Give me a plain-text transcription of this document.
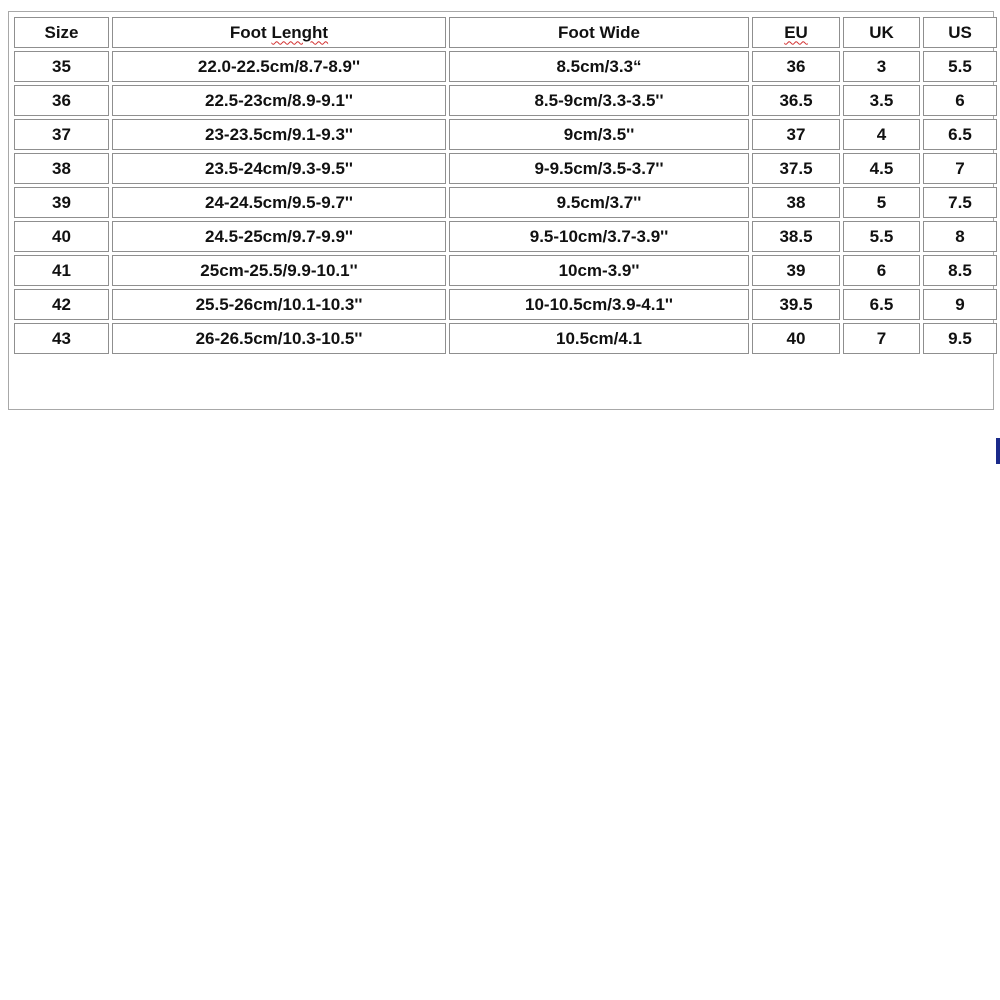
Size	Foot Lenght	Foot Wide	EU	UK	US
35	22.0-22.5cm/8.7-8.9''	8.5cm/3.3“	36	3	5.5
36	22.5-23cm/8.9-9.1''	8.5-9cm/3.3-3.5''	36.5	3.5	6
37	23-23.5cm/9.1-9.3''	9cm/3.5''	37	4	6.5
38	23.5-24cm/9.3-9.5''	9-9.5cm/3.5-3.7''	37.5	4.5	7
39	24-24.5cm/9.5-9.7''	9.5cm/3.7''	38	5	7.5
40	24.5-25cm/9.7-9.9''	9.5-10cm/3.7-3.9''	38.5	5.5	8
41	25cm-25.5/9.9-10.1''	10cm-3.9''	39	6	8.5
42	25.5-26cm/10.1-10.3''	10-10.5cm/3.9-4.1''	39.5	6.5	9
43	26-26.5cm/10.3-10.5''	10.5cm/4.1	40	7	9.5
